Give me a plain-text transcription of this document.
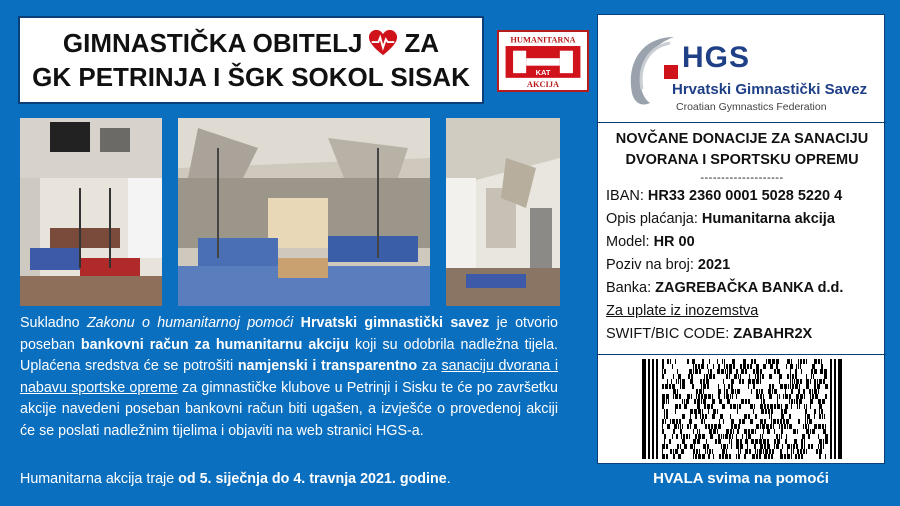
GIMNASTIČKA OBITELJ ZA
GK PETRINJA I ŠGK SOKOL SISAK
HUMANITARNA
KAT
AKCIJA
Sukladno Zakonu o humanitarnoj pomoći Hrvatski gimnastički savez je otvorio poseban bankovni račun za humanitarnu akciju koji su odobrila nadležna tijela. Uplaćena sredstva će se potrošiti namjenski i transparentno za sanaciju dvorana i nabavu sportske opreme za gimnastičke klubove u Petrinji i Sisku te će po završetku akcije navedeni poseban bankovni račun biti ugašen, a izvješće o provedenoj akciji će se poslati nadležnim tijelima i objaviti na web stranici HGS-a.
Humanitarna akcija traje od 5. siječnja do 4. travnja 2021. godine.
HGS
Hrvatski Gimnastički Savez
Croatian Gymnastics Federation
NOVČANE DONACIJE ZA SANACIJU
DVORANA I SPORTSKU OPREMU
--------------------
IBAN: HR33 2360 0001 5028 5220 4
Opis plaćanja: Humanitarna akcija
Model: HR 00
Poziv na broj: 2021
Banka: ZAGREBAČKA BANKA d.d.
Za uplate iz inozemstva
SWIFT/BIC CODE: ZABAHR2X
HVALA svima na pomoći
